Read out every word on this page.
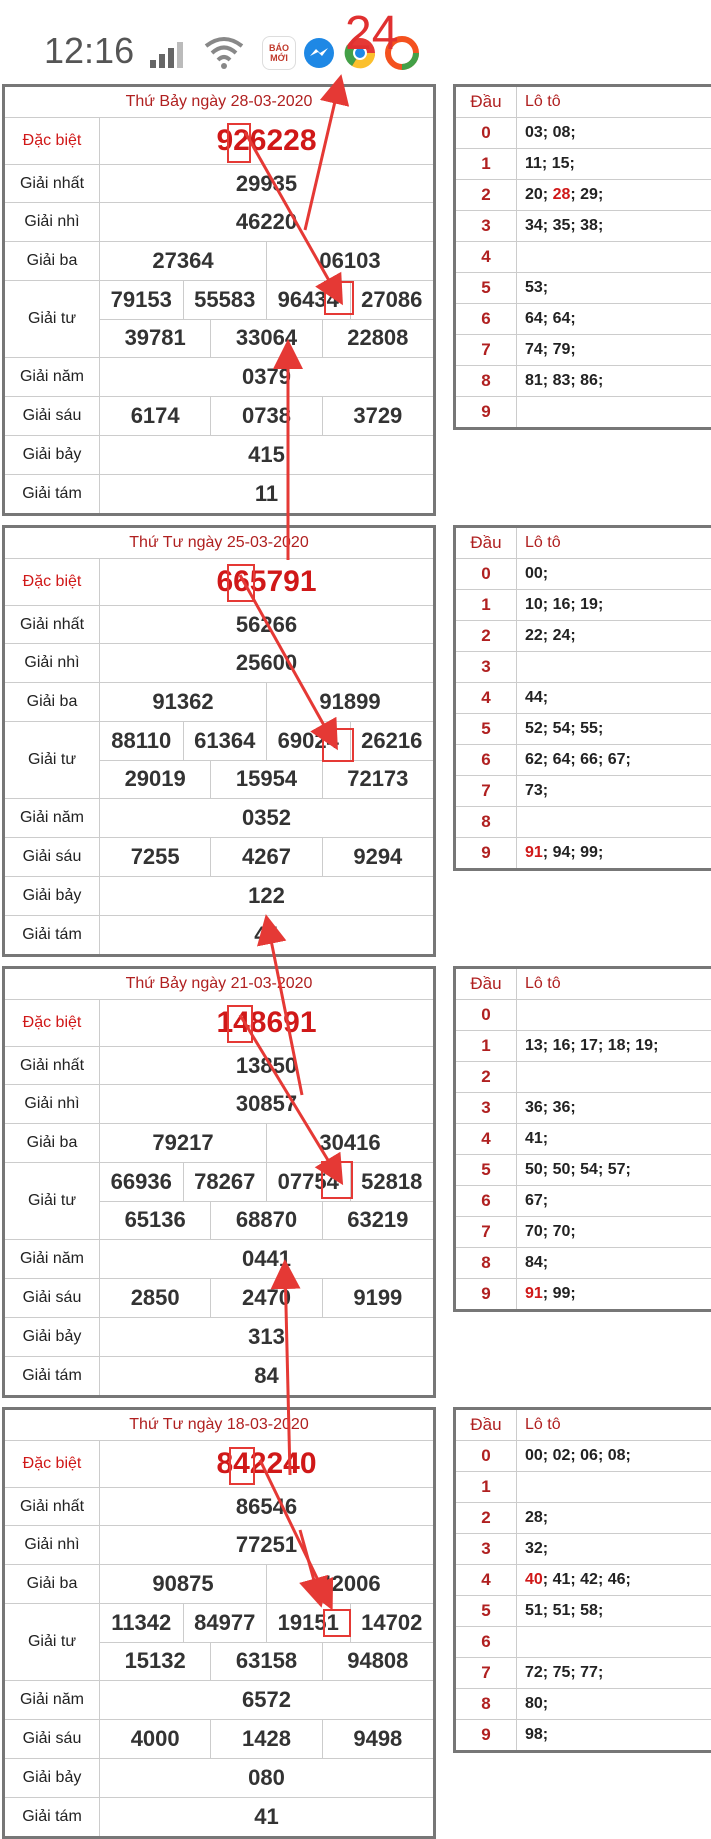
12:16	BÁO MỚI 24
Thứ Bảy ngày 28-03-2020
Đặc biệt	926228
Giải nhất	29935
Giải nhì	46220
Giải ba	27364	06103
Giải tư
79153	55583	96434	27086
39781	33064	22808
Giải năm	0379
Giải sáu	6174	0738	3729
Giải bảy	415
Giải tám	11
Đầu	Lô tô
0	03; 08;
1	11; 15;
2	20; 28 ; 29;
3	34; 35; 38;
4
5	53;
6	64; 64;
7	74; 79;
8	81; 83; 86;
9
Thứ Tư ngày 25-03-2020
Đặc biệt	665791
Giải nhất	56266
Giải nhì	25600
Giải ba	91362	91899
Giải tư
88110	61364	69024	26216
29019	15954	72173
Giải năm	0352
Giải sáu	7255	4267	9294
Giải bảy	122
Giải tám	44
Đầu	Lô tô
0	00;
1	10; 16; 19;
2	22; 24;
3
4	44;
5	52; 54; 55;
6	62; 64; 66; 67;
7	73;
8
9	91 ; 94; 99;
Thứ Bảy ngày 21-03-2020
Đặc biệt	148691
Giải nhất	13850
Giải nhì	30857
Giải ba	79217	30416
Giải tư
66936	78267	07754	52818
65136	68870	63219
Giải năm	0441
Giải sáu	2850	2470	9199
Giải bảy	313
Giải tám	84
Đầu	Lô tô
0
1	13; 16; 17; 18; 19;
2
3	36; 36;
4	41;
5	50; 50; 54; 57;
6	67;
7	70; 70;
8	84;
9	91 ; 99;
Thứ Tư ngày 18-03-2020
Đặc biệt	842240
Giải nhất	86546
Giải nhì	77251
Giải ba	90875	42006
Giải tư
11342	84977	19151	14702
15132	63158	94808
Giải năm	6572
Giải sáu	4000	1428	9498
Giải bảy	080
Giải tám	41
Đầu	Lô tô
0	00; 02; 06; 08;
1
2	28;
3	32;
4	40 ; 41; 42; 46;
5	51; 51; 58;
6
7	72; 75; 77;
8	80;
9	98;
